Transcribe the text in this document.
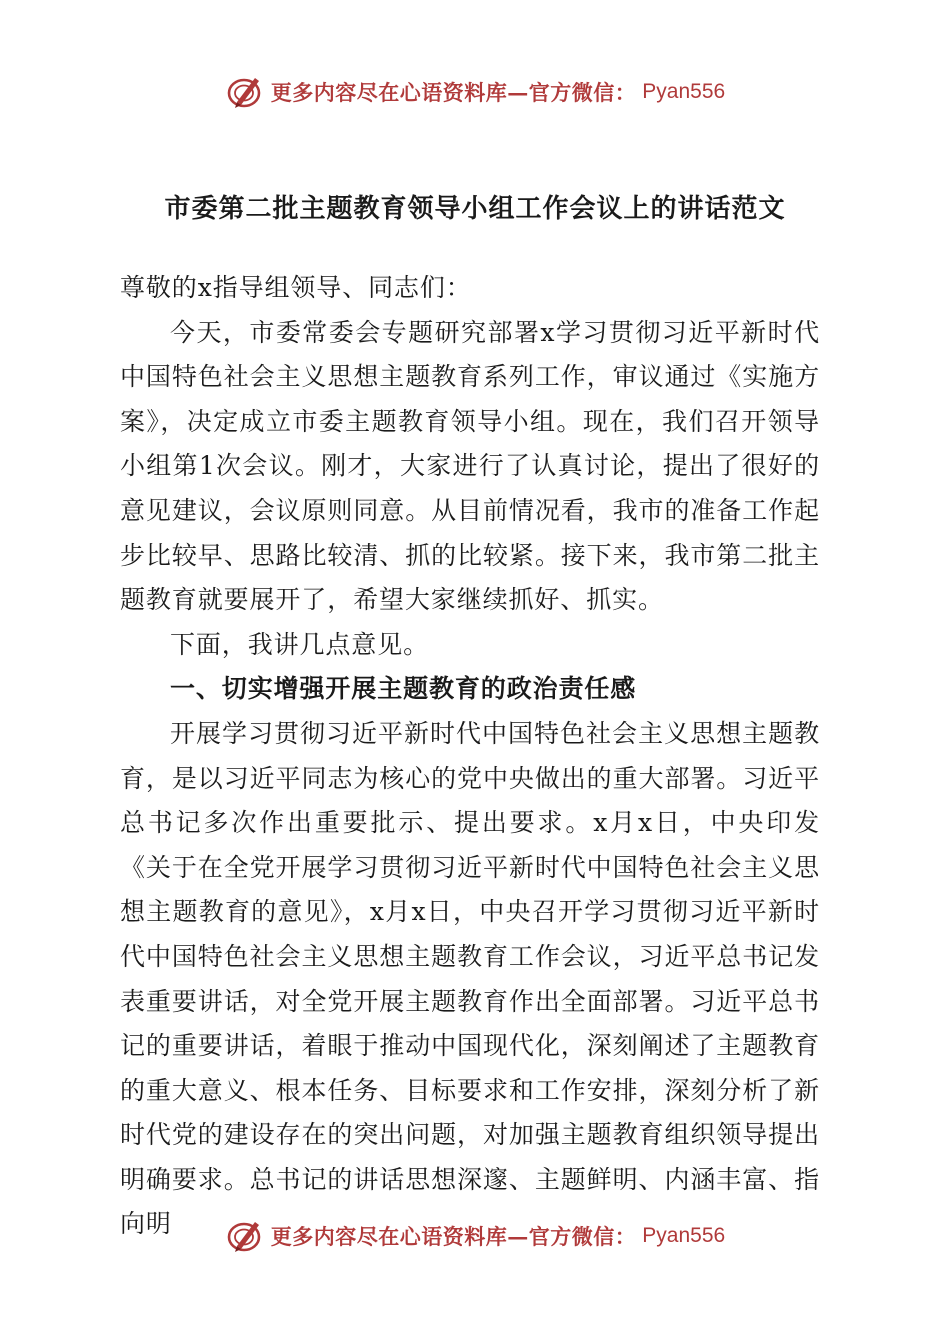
更多内容尽在心语资料库—官方微信： Pyan556
市委第二批主题教育领导小组工作会议上的讲话范文

尊敬的x指导组领导、同志们：

今天，市委常委会专题研究部署x学习贯彻习近平新时代中国特色社会主义思想主题教育系列工作，审议通过《实施方案》，决定成立市委主题教育领导小组。现在，我们召开领导小组第1次会议。刚才，大家进行了认真讨论，提出了很好的意见建议，会议原则同意。从目前情况看，我市的准备工作起步比较早、思路比较清、抓的比较紧。接下来，我市第二批主题教育就要展开了，希望大家继续抓好、抓实。

下面，我讲几点意见。

一、切实增强开展主题教育的政治责任感

开展学习贯彻习近平新时代中国特色社会主义思想主题教育，是以习近平同志为核心的党中央做出的重大部署。习近平总书记多次作出重要批示、提出要求。x月x日，中央印发《关于在全党开展学习贯彻习近平新时代中国特色社会主义思想主题教育的意见》，x月x日，中央召开学习贯彻习近平新时代中国特色社会主义思想主题教育工作会议，习近平总书记发表重要讲话，对全党开展主题教育作出全面部署。习近平总书记的重要讲话，着眼于推动中国现代化，深刻阐述了主题教育的重大意义、根本任务、目标要求和工作安排，深刻分析了新时代党的建设存在的突出问题，对加强主题教育组织领导提出明确要求。总书记的讲话思想深邃、主题鲜明、内涵丰富、指向明	更多内容尽在心语资料库—官方微信： Pyan556
